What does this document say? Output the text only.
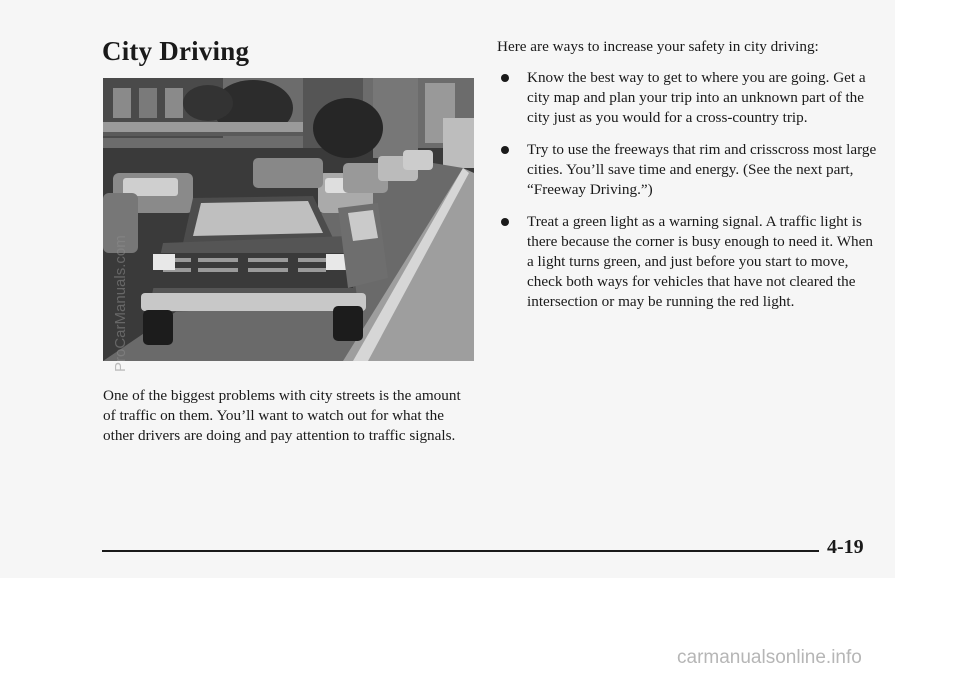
City Driving

One of the biggest problems with city streets is the amount of traffic on them. You’ll want to watch out for what the other drivers are doing and pay attention to traffic signals.

Here are ways to increase your safety in city driving:

Know the best way to get to where you are going. Get a city map and plan your trip into an unknown part of the city just as you would for a cross-country trip.
Try to use the freeways that rim and crisscross most large cities. You’ll save time and energy. (See the next part, “Freeway Driving.”)
Treat a green light as a warning signal. A traffic light is there because the corner is busy enough to need it. When a light turns green, and just before you start to move, check both ways for vehicles that have not cleared the intersection or may be running the red light.
4-19
ProCarManuals.com
carmanualsonline.info
